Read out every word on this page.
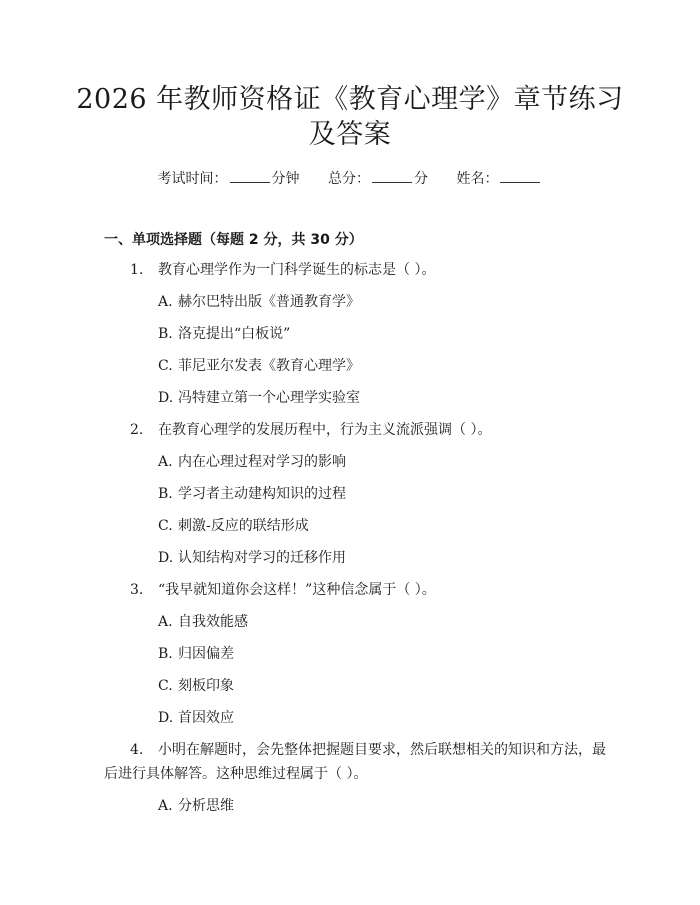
2026 年教师资格证《教育心理学》章节练习
及答案
考试时间：	分钟 总分：	分 姓名：
一、单项选择题（每题 2 分，共 30 分）
1. 教育心理学作为一门科学诞生的标志是（ ）。
A. 赫尔巴特出版《普通教育学》
B. 洛克提出“白板说”
C. 菲尼亚尔发表《教育心理学》
D. 冯特建立第一个心理学实验室
2. 在教育心理学的发展历程中，行为主义流派强调（ ）。
A. 内在心理过程对学习的影响
B. 学习者主动建构知识的过程
C. 刺激-反应的联结形成
D. 认知结构对学习的迁移作用
3. “我早就知道你会这样！”这种信念属于（ ）。
A. 自我效能感
B. 归因偏差
C. 刻板印象
D. 首因效应
4. 小明在解题时，会先整体把握题目要求，然后联想相关的知识和方法，最
后进行具体解答。这种思维过程属于（ ）。
A. 分析思维
